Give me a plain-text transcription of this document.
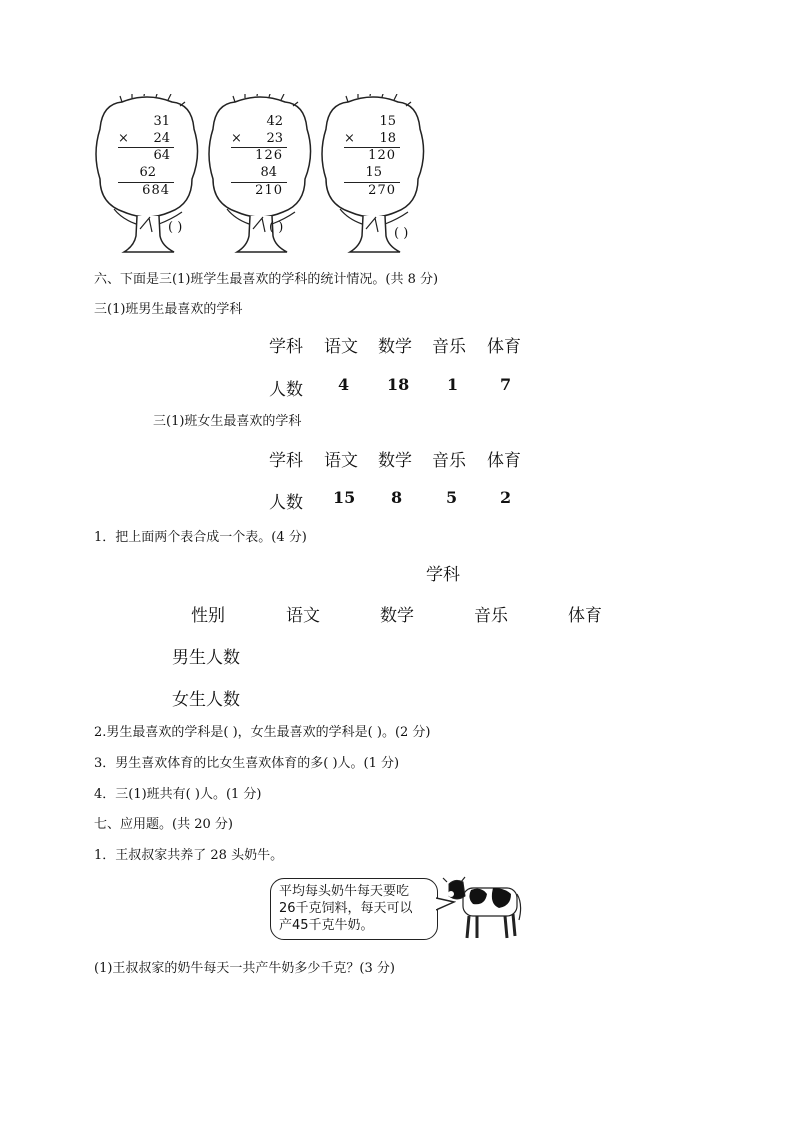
31
× 24
64
62
684
( )
42
× 23
126
84
210
( )
15
× 18
120
15
270
( )
六、下面是三(1)班学生最喜欢的学科的统计情况。(共 8 分)
三(1)班男生最喜欢的学科
学科 语文 数学 音乐 体育
人数 4 18 1	7
三(1)班女生最喜欢的学科
学科 语文 数学 音乐 体育
人数 15 8	5	2
1．把上面两个表合成一个表。(4 分)
学科
性别	语文	数学	音乐	体育
男生人数
女生人数
2.男生最喜欢的学科是( )，女生最喜欢的学科是( )。(2 分)
3．男生喜欢体育的比女生喜欢体育的多( )人。(1 分)
4．三(1)班共有( )人。(1 分)
七、应用题。(共 20 分)
1．王叔叔家共养了 28 头奶牛。
平均每头奶牛每天要吃
26千克饲料，每天可以
产45千克牛奶。
(1)王叔叔家的奶牛每天一共产牛奶多少千克？(3 分)
